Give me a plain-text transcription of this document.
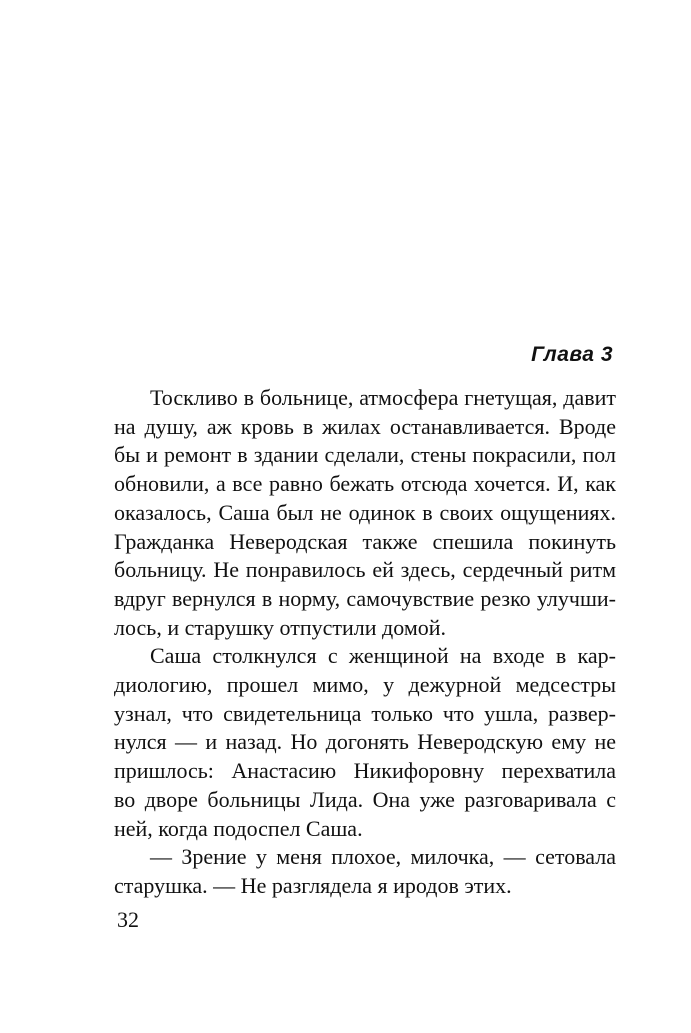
Глава 3

Тоскливо в больнице, атмосфера гнетущая, давит
на душу, аж кровь в жилах останавливается. Вроде
бы и ремонт в здании сделали, стены покрасили, пол
обновили, а все равно бежать отсюда хочется. И, как
оказалось, Саша был не одинок в своих ощущениях.
Гражданка Неверодская также спешила покинуть
больницу. Не понравилось ей здесь, сердечный ритм
вдруг вернулся в норму, самочувствие резко улучши-
лось, и старушку отпустили домой.

Саша столкнулся с женщиной на входе в кар-
диологию, прошел мимо, у дежурной медсестры
узнал, что свидетельница только что ушла, развер-
нулся — и назад. Но догонять Неверодскую ему не
пришлось: Анастасию Никифоровну перехватила
во дворе больницы Лида. Она уже разговаривала с
ней, когда подоспел Саша.

— Зрение у меня плохое, милочка, — сетовала
старушка. — Не разглядела я иродов этих.

32
